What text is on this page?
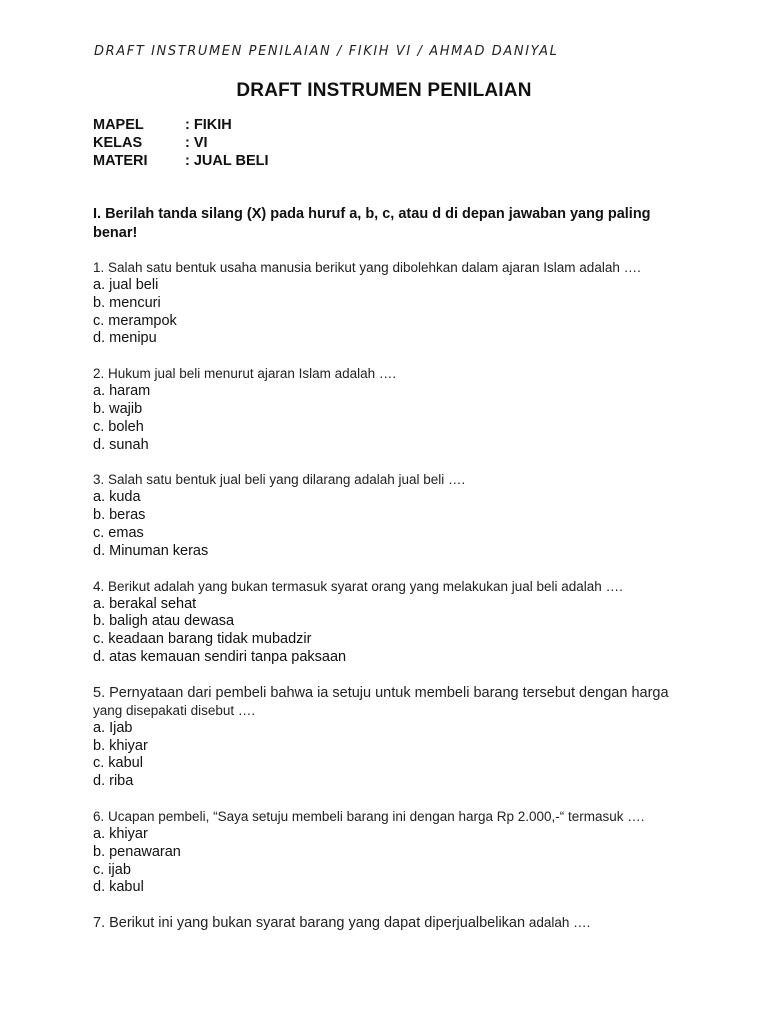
DRAFT INSTRUMEN PENILAIAN / FIKIH VI / AHMAD DANIYAL
DRAFT INSTRUMEN PENILAIAN
MAPEL	: FIKIH
KELAS	: VI
MATERI	: JUAL BELI
I. Berilah tanda silang (X) pada huruf a, b, c, atau d di depan jawaban yang paling benar!
1. Salah satu bentuk usaha manusia berikut yang dibolehkan dalam ajaran Islam adalah ….
a. jual beli
b. mencuri
c. merampok
d. menipu
2. Hukum jual beli menurut ajaran Islam adalah ….
a. haram
b. wajib
c. boleh
d. sunah
3. Salah satu bentuk jual beli yang dilarang adalah jual beli ….
a. kuda
b. beras
c. emas
d. Minuman keras
4. Berikut adalah yang bukan termasuk syarat orang yang melakukan jual beli adalah ….
a. berakal sehat
b. baligh atau dewasa
c. keadaan barang tidak mubadzir
d. atas kemauan sendiri tanpa paksaan
5. Pernyataan dari pembeli bahwa ia setuju untuk membeli barang tersebut dengan harga
yang disepakati disebut ….
a. Ijab
b. khiyar
c. kabul
d. riba
6. Ucapan pembeli, “Saya setuju membeli barang ini dengan harga Rp 2.000,-“ termasuk ….
a. khiyar
b. penawaran
c. ijab
d. kabul
7. Berikut ini yang bukan syarat barang yang dapat diperjualbelikan adalah ….
